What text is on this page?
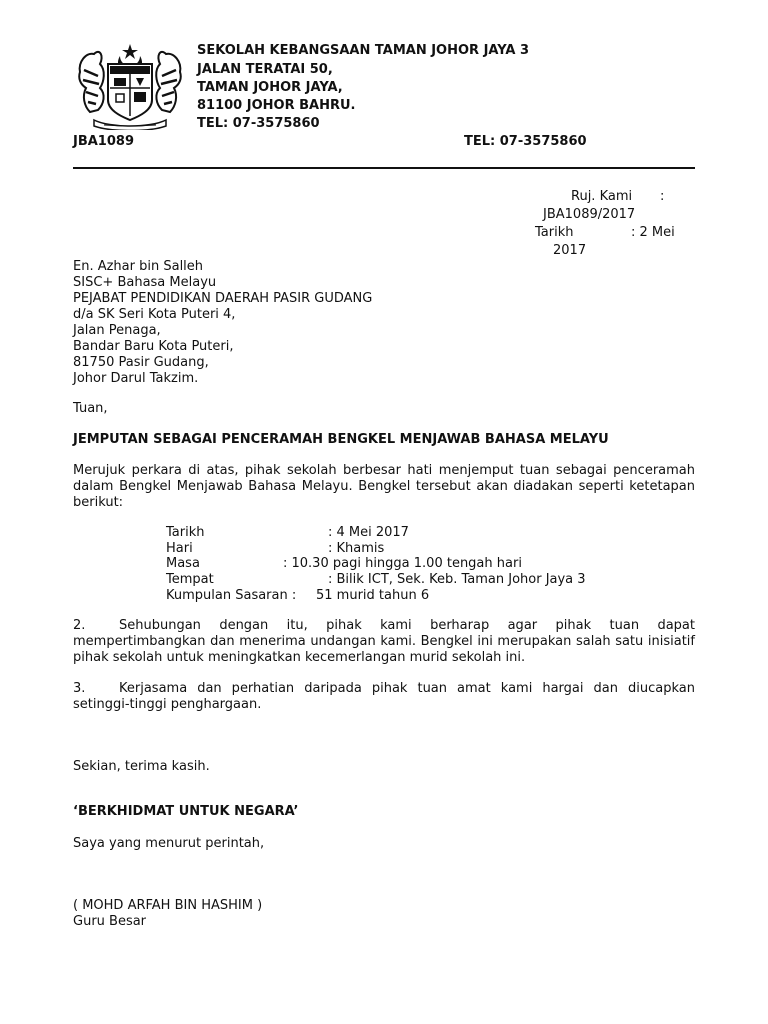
SEKOLAH KEBANGSAAN TAMAN JOHOR JAYA 3
JALAN TERATAI 50,
TAMAN JOHOR JAYA,
81100 JOHOR BAHRU.
TEL: 07-3575860
JBA1089	TEL: 07-3575860
Ruj. Kami :
JBA1089/2017
Tarikh	: 2 Mei
2017
En. Azhar bin Salleh
SISC+ Bahasa Melayu
PEJABAT PENDIDIKAN DAERAH PASIR GUDANG
d/a SK Seri Kota Puteri 4,
Jalan Penaga,
Bandar Baru Kota Puteri,
81750 Pasir Gudang,
Johor Darul Takzim.
Tuan,
JEMPUTAN SEBAGAI PENCERAMAH BENGKEL MENJAWAB BAHASA MELAYU
Merujuk perkara di atas, pihak sekolah berbesar hati menjemput tuan sebagai penceramah dalam Bengkel Menjawab Bahasa Melayu. Bengkel tersebut akan diadakan seperti ketetapan berikut:
Tarikh	: 4 Mei 2017
Hari	: Khamis
Masa	: 10.30 pagi hingga 1.00 tengah hari
Tempat	: Bilik ICT, Sek. Keb. Taman Johor Jaya 3
Kumpulan Sasaran : 51 murid tahun 6
2.	Sehubungan dengan itu, pihak kami berharap agar pihak tuan dapat mempertimbangkan dan menerima undangan kami. Bengkel ini merupakan salah satu inisiatif pihak sekolah untuk meningkatkan kecemerlangan murid sekolah ini.
3.	Kerjasama dan perhatian daripada pihak tuan amat kami hargai dan diucapkan setinggi-tinggi penghargaan.
Sekian, terima kasih.
‘BERKHIDMAT UNTUK NEGARA’
Saya yang menurut perintah,
( MOHD ARFAH BIN HASHIM )
Guru Besar
